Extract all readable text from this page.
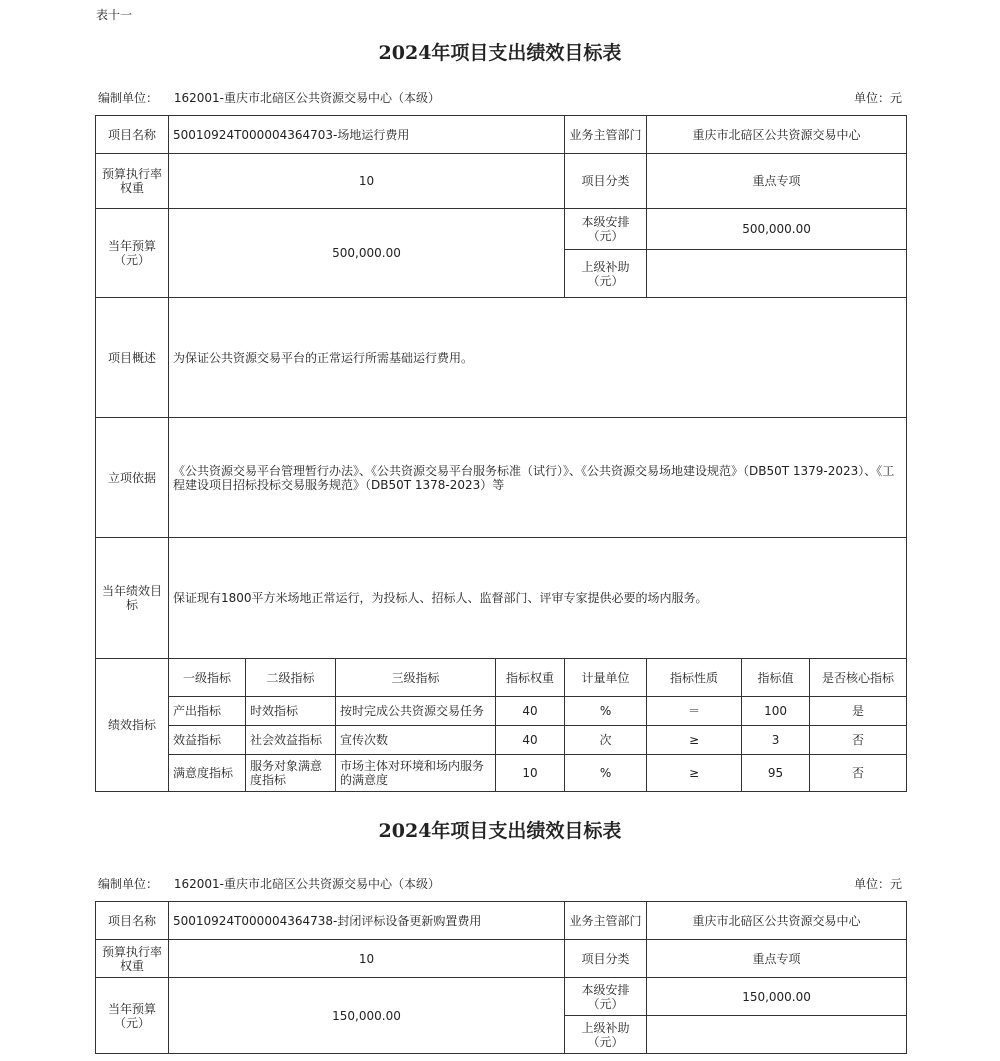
表十一
2024年项目支出绩效目标表
编制单位： 162001-重庆市北碚区公共资源交易中心（本级）	单位：元
项目名称	50010924T000004364703-场地运行费用				业务主管部门	重庆市北碚区公共资源交易中心		
预算执行率权重	10				项目分类	重点专项		
当年预算（元）	500,000.00				本级安排（元）	500,000.00		
					上级补助（元）			
项目概述	为保证公共资源交易平台的正常运行所需基础运行费用。							
立项依据	《公共资源交易平台管理暂行办法》、《公共资源交易平台服务标准（试行）》、《公共资源交易场地建设规范》（DB50T 1379-2023）、《工程建设项目招标投标交易服务规范》（DB50T 1378-2023）等							
当年绩效目标	保证现有1800平方米场地正常运行，为投标人、招标人、监督部门、评审专家提供必要的场内服务。							
绩效指标	一级指标	二级指标	三级指标	指标权重	计量单位	指标性质	指标值	是否核心指标
	产出指标	时效指标	按时完成公共资源交易任务	40	%	＝	100	是
	效益指标	社会效益指标	宣传次数	40	次	≥	3	否
	满意度指标	服务对象满意度指标	市场主体对环境和场内服务的满意度	10	%	≥	95	否
2024年项目支出绩效目标表
编制单位： 162001-重庆市北碚区公共资源交易中心（本级）	单位：元
项目名称	50010924T000004364738-封闭评标设备更新购置费用	业务主管部门	重庆市北碚区公共资源交易中心
预算执行率权重	10	项目分类	重点专项
当年预算（元）	150,000.00	本级安排（元）	150,000.00
		上级补助（元）	
